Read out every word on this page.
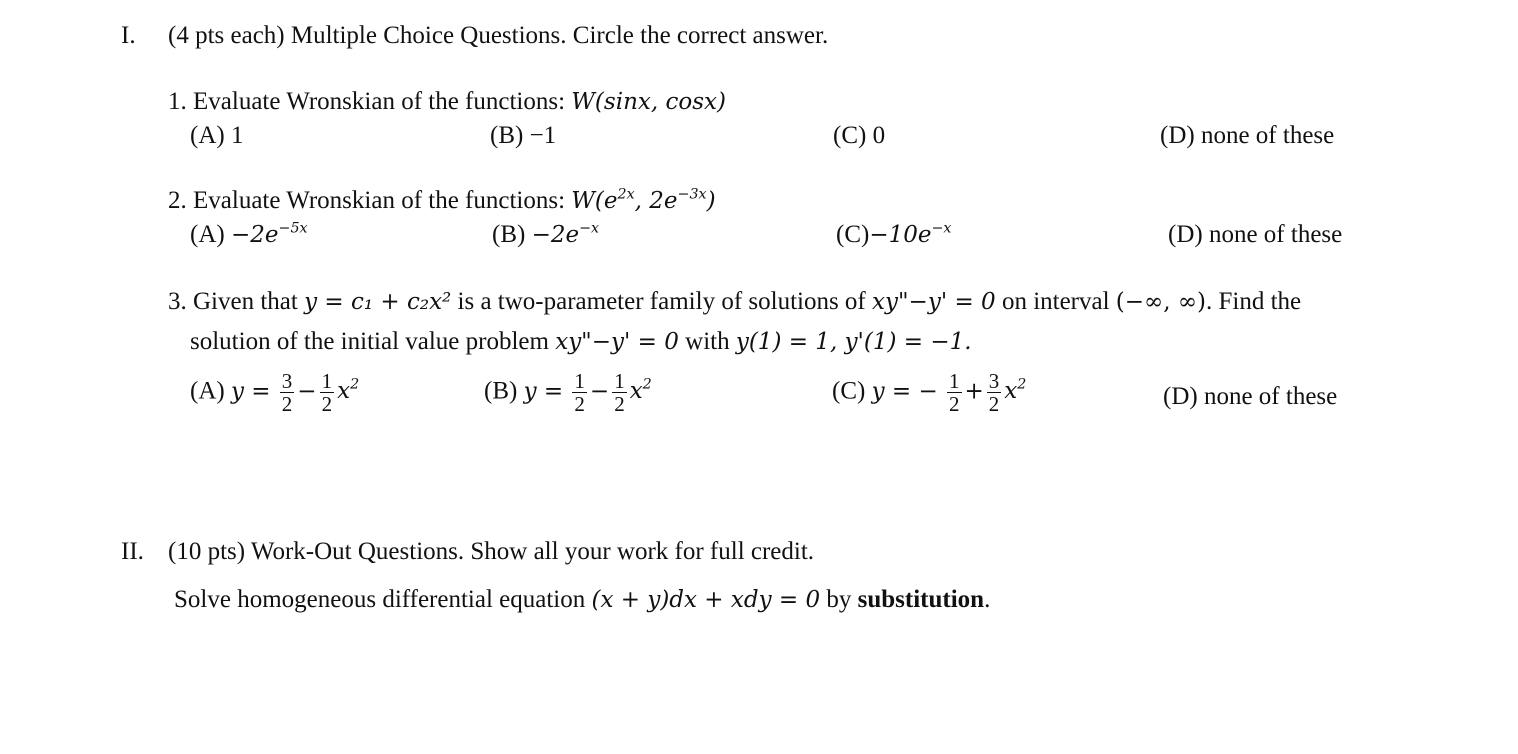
I. (4 pts each) Multiple Choice Questions. Circle the correct answer.
1. Evaluate Wronskian of the functions: W(sinx, cosx)
(A) 1	(B) −1	(C) 0	(D) none of these
2. Evaluate Wronskian of the functions: $W(e^{2x}$, $2e^{-3x}$)
$(A) -2e^{-5x}$	$(B) -2e^{-x}$	$(C)-10e^{-x}$	(D) none of these
3. Given that y = c₁ + c₂x² is a two-parameter family of solutions of xy"−y' = 0 on interval (−∞, ∞). Find the
solution of the initial value problem xy"−y' = 0 with y(1) = 1, y'(1) = −1.
(A) $y = \frac{3}{2} - \frac{1}{2} x^2$	(B) $y = \frac{1}{2} - \frac{1}{2} x^2$	(C) y = − $\frac{1}{2} + \frac{3}{2} x^2$	(D) none of these
II. (10 pts) Work-Out Questions. Show all your work for full credit.
Solve homogeneous differential equation (x + y)dx + xdy = 0 by substitution.
